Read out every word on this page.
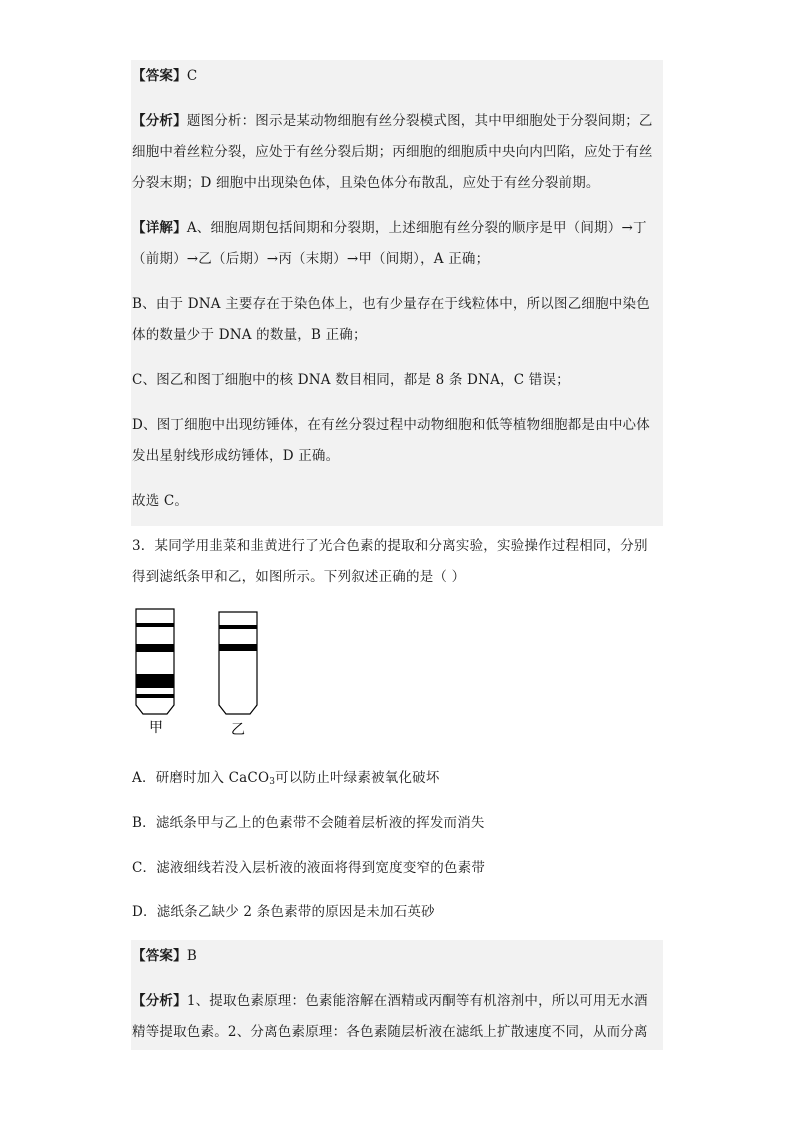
【答案】C
【分析】题图分析：图示是某动物细胞有丝分裂模式图，其中甲细胞处于分裂间期；乙
细胞中着丝粒分裂，应处于有丝分裂后期；丙细胞的细胞质中央向内凹陷，应处于有丝
分裂末期；D 细胞中出现染色体，且染色体分布散乱，应处于有丝分裂前期。
【详解】A、细胞周期包括间期和分裂期，上述细胞有丝分裂的顺序是甲（间期）→丁
（前期）→乙（后期）→丙（末期）→甲（间期），A 正确；
B、由于 DNA 主要存在于染色体上，也有少量存在于线粒体中，所以图乙细胞中染色
体的数量少于 DNA 的数量，B 正确；
C、图乙和图丁细胞中的核 DNA 数目相同，都是 8 条 DNA，C 错误；
D、图丁细胞中出现纺锤体，在有丝分裂过程中动物细胞和低等植物细胞都是由中心体
发出星射线形成纺锤体，D 正确。
故选 C。
3．某同学用韭菜和韭黄进行了光合色素的提取和分离实验，实验操作过程相同，分别
得到滤纸条甲和乙，如图所示。下列叙述正确的是（ ）
甲	乙
A．研磨时加入 CaCO$_3$可以防止叶绿素被氧化破坏
B．滤纸条甲与乙上的色素带不会随着层析液的挥发而消失
C．滤液细线若没入层析液的液面将得到宽度变窄的色素带
D．滤纸条乙缺少 2 条色素带的原因是未加石英砂
【答案】B
【分析】1、提取色素原理：色素能溶解在酒精或丙酮等有机溶剂中，所以可用无水酒
精等提取色素。2、分离色素原理：各色素随层析液在滤纸上扩散速度不同，从而分离
